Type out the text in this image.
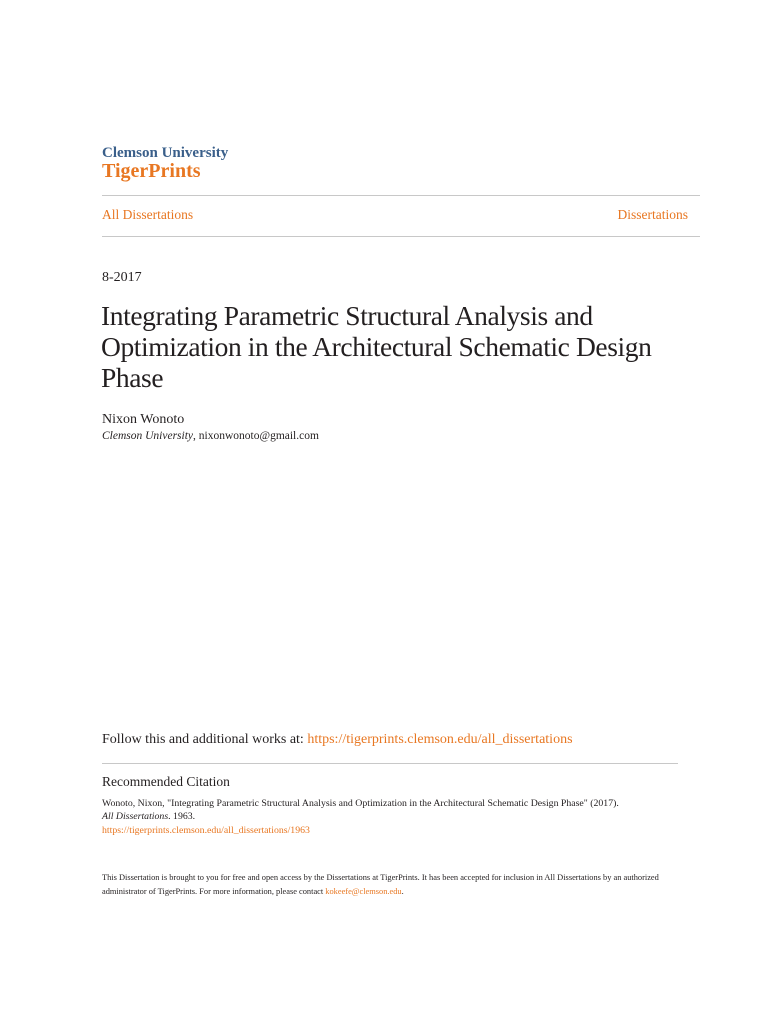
Clemson University
TigerPrints
All Dissertations	Dissertations
8-2017
Integrating Parametric Structural Analysis and Optimization in the Architectural Schematic Design Phase
Nixon Wonoto
Clemson University, nixonwonoto@gmail.com
Follow this and additional works at: https://tigerprints.clemson.edu/all_dissertations
Recommended Citation
Wonoto, Nixon, "Integrating Parametric Structural Analysis and Optimization in the Architectural Schematic Design Phase" (2017).
All Dissertations. 1963.
https://tigerprints.clemson.edu/all_dissertations/1963
This Dissertation is brought to you for free and open access by the Dissertations at TigerPrints. It has been accepted for inclusion in All Dissertations by an authorized administrator of TigerPrints. For more information, please contact kokeefe@clemson.edu.
